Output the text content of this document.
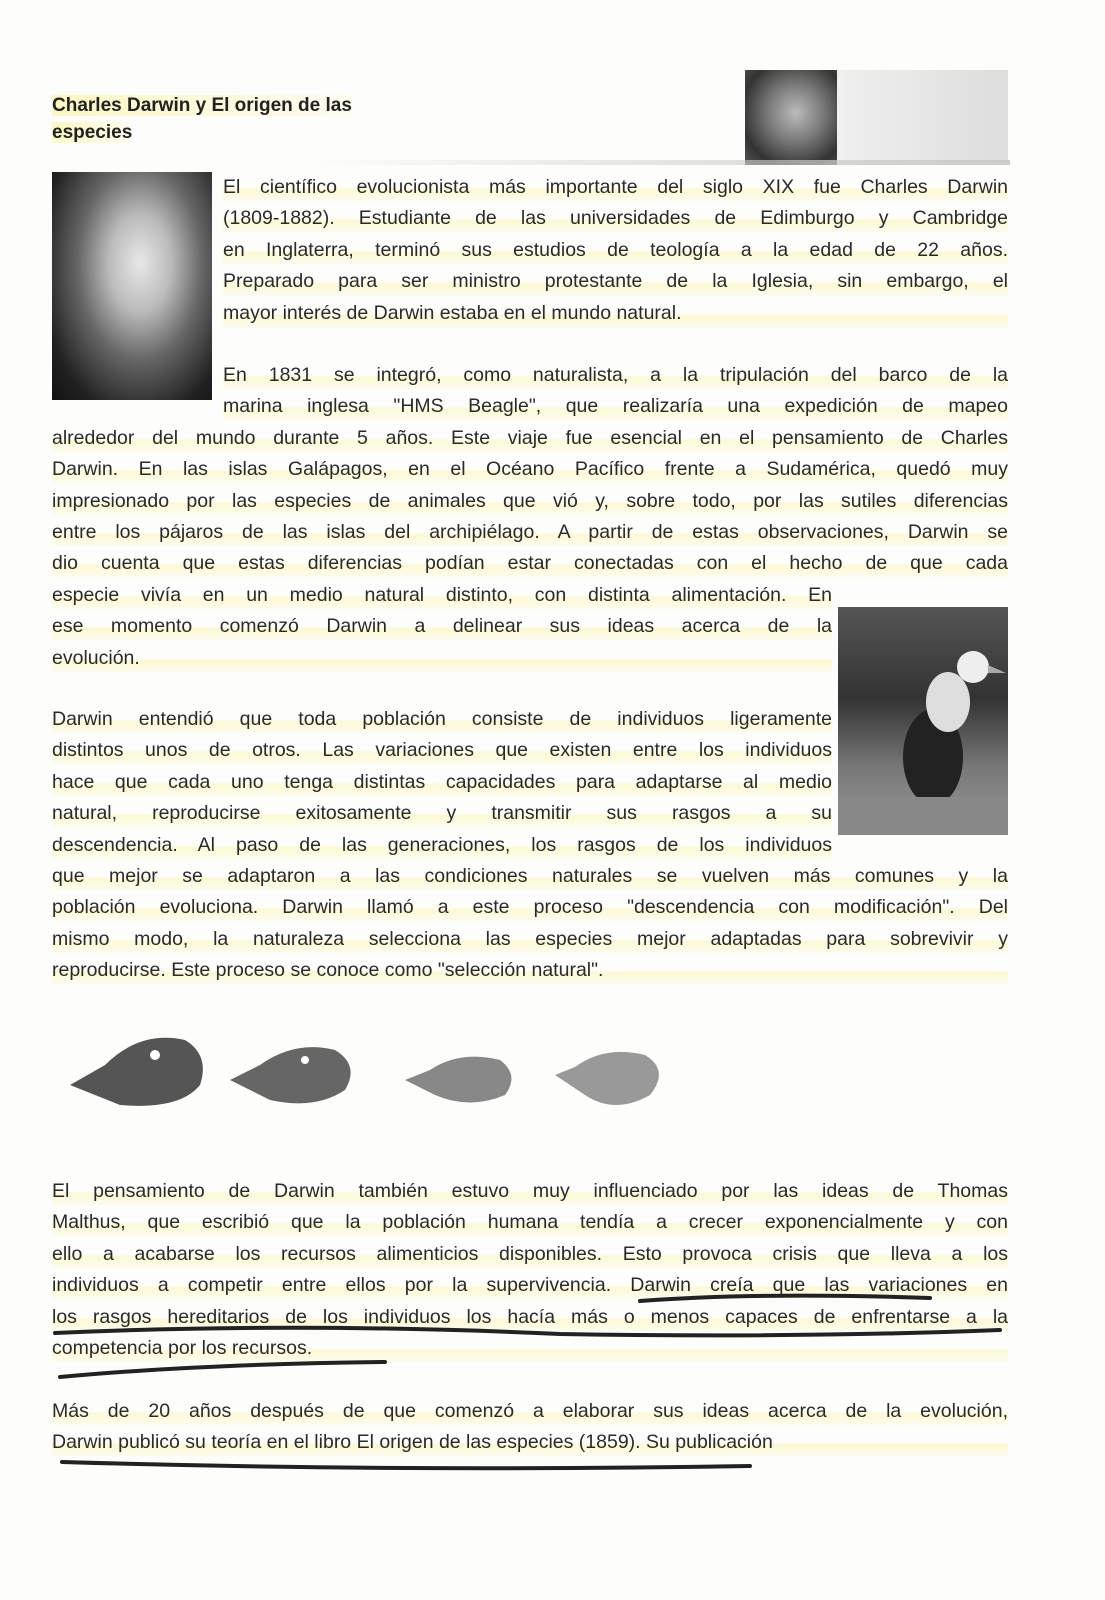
Charles Darwin y El origen de las
especies
El científico evolucionista más importante del siglo XIX fue Charles Darwin
(1809-1882). Estudiante de las universidades de Edimburgo y Cambridge
en Inglaterra, terminó sus estudios de teología a la edad de 22 años.
Preparado para ser ministro protestante de la Iglesia, sin embargo, el
mayor interés de Darwin estaba en el mundo natural.
En 1831 se integró, como naturalista, a la tripulación del barco de la
marina inglesa "HMS Beagle", que realizaría una expedición de mapeo
alrededor del mundo durante 5 años. Este viaje fue esencial en el pensamiento de Charles
Darwin. En las islas Galápagos, en el Océano Pacífico frente a Sudamérica, quedó muy
impresionado por las especies de animales que vió y, sobre todo, por las sutiles diferencias
entre los pájaros de las islas del archipiélago. A partir de estas observaciones, Darwin se
dio cuenta que estas diferencias podían estar conectadas con el hecho de que cada
especie vivía en un medio natural distinto, con distinta alimentación. En
ese momento comenzó Darwin a delinear sus ideas acerca de la
evolución.
Darwin entendió que toda población consiste de individuos ligeramente
distintos unos de otros. Las variaciones que existen entre los individuos
hace que cada uno tenga distintas capacidades para adaptarse al medio
natural, reproducirse exitosamente y transmitir sus rasgos a su
descendencia. Al paso de las generaciones, los rasgos de los individuos
que mejor se adaptaron a las condiciones naturales se vuelven más comunes y la
población evoluciona. Darwin llamó a este proceso "descendencia con modificación". Del
mismo modo, la naturaleza selecciona las especies mejor adaptadas para sobrevivir y
reproducirse. Este proceso se conoce como "selección natural".
El pensamiento de Darwin también estuvo muy influenciado por las ideas de Thomas
Malthus, que escribió que la población humana tendía a crecer exponencialmente y con
ello a acabarse los recursos alimenticios disponibles. Esto provoca crisis que lleva a los
individuos a competir entre ellos por la supervivencia. Darwin creía que las variaciones en
los rasgos hereditarios de los individuos los hacía más o menos capaces de enfrentarse a la
competencia por los recursos.
Más de 20 años después de que comenzó a elaborar sus ideas acerca de la evolución,
Darwin publicó su teoría en el libro El origen de las especies (1859). Su publicación
